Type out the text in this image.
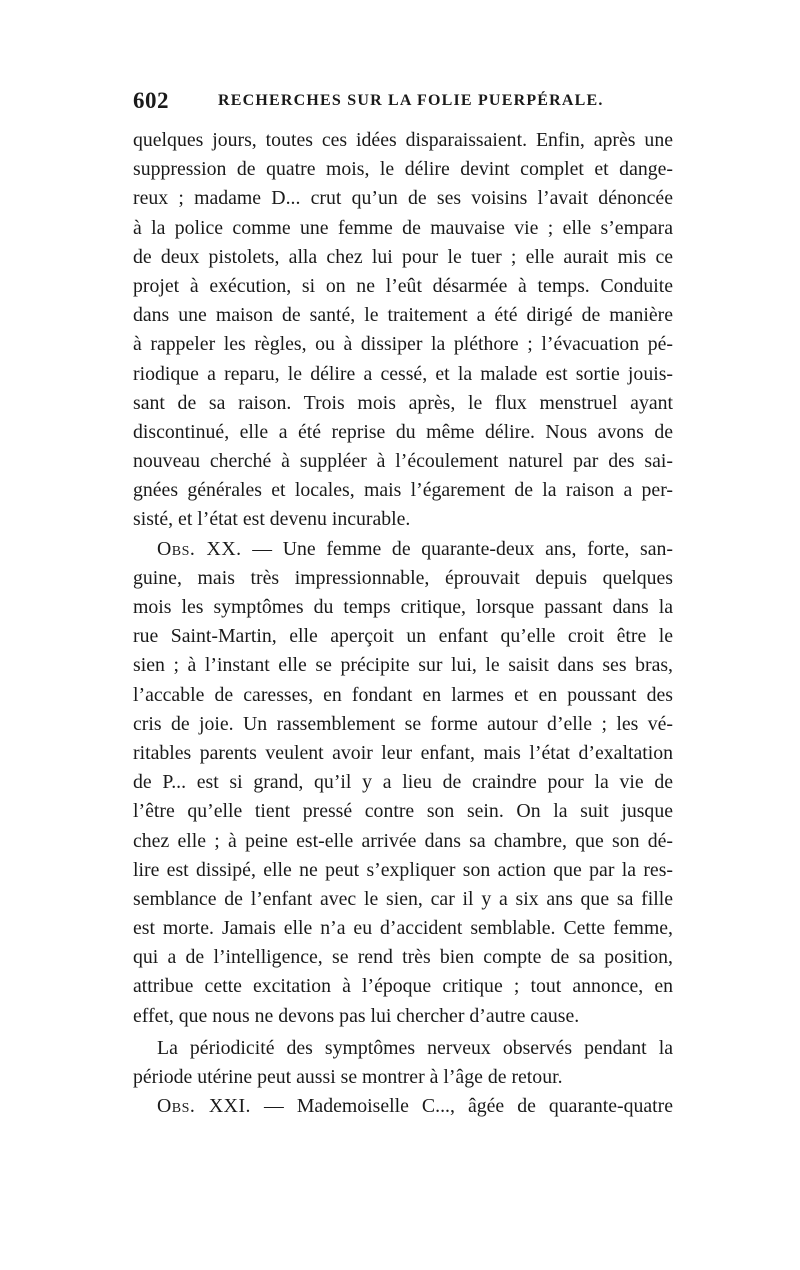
602	RECHERCHES SUR LA FOLIE PUERPÉRALE.
quelques jours, toutes ces idées disparaissaient. Enfin, après une
suppression de quatre mois, le délire devint complet et dange-
reux ; madame D... crut qu’un de ses voisins l’avait dénoncée
à la police comme une femme de mauvaise vie ; elle s’empara
de deux pistolets, alla chez lui pour le tuer ; elle aurait mis ce
projet à exécution, si on ne l’eût désarmée à temps. Conduite
dans une maison de santé, le traitement a été dirigé de manière
à rappeler les règles, ou à dissiper la pléthore ; l’évacuation pé-
riodique a reparu, le délire a cessé, et la malade est sortie jouis-
sant de sa raison. Trois mois après, le flux menstruel ayant
discontinué, elle a été reprise du même délire. Nous avons de
nouveau cherché à suppléer à l’écoulement naturel par des sai-
gnées générales et locales, mais l’égarement de la raison a per-
sisté, et l’état est devenu incurable.
Obs. XX. — Une femme de quarante-deux ans, forte, san-
guine, mais très impressionnable, éprouvait depuis quelques
mois les symptômes du temps critique, lorsque passant dans la
rue Saint-Martin, elle aperçoit un enfant qu’elle croit être le
sien ; à l’instant elle se précipite sur lui, le saisit dans ses bras,
l’accable de caresses, en fondant en larmes et en poussant des
cris de joie. Un rassemblement se forme autour d’elle ; les vé-
ritables parents veulent avoir leur enfant, mais l’état d’exaltation
de P... est si grand, qu’il y a lieu de craindre pour la vie de
l’être qu’elle tient pressé contre son sein. On la suit jusque
chez elle ; à peine est-elle arrivée dans sa chambre, que son dé-
lire est dissipé, elle ne peut s’expliquer son action que par la res-
semblance de l’enfant avec le sien, car il y a six ans que sa fille
est morte. Jamais elle n’a eu d’accident semblable. Cette femme,
qui a de l’intelligence, se rend très bien compte de sa position,
attribue cette excitation à l’époque critique ; tout annonce, en
effet, que nous ne devons pas lui chercher d’autre cause.
La périodicité des symptômes nerveux observés pendant la
période utérine peut aussi se montrer à l’âge de retour.
Obs. XXI. — Mademoiselle C..., âgée de quarante-quatre
